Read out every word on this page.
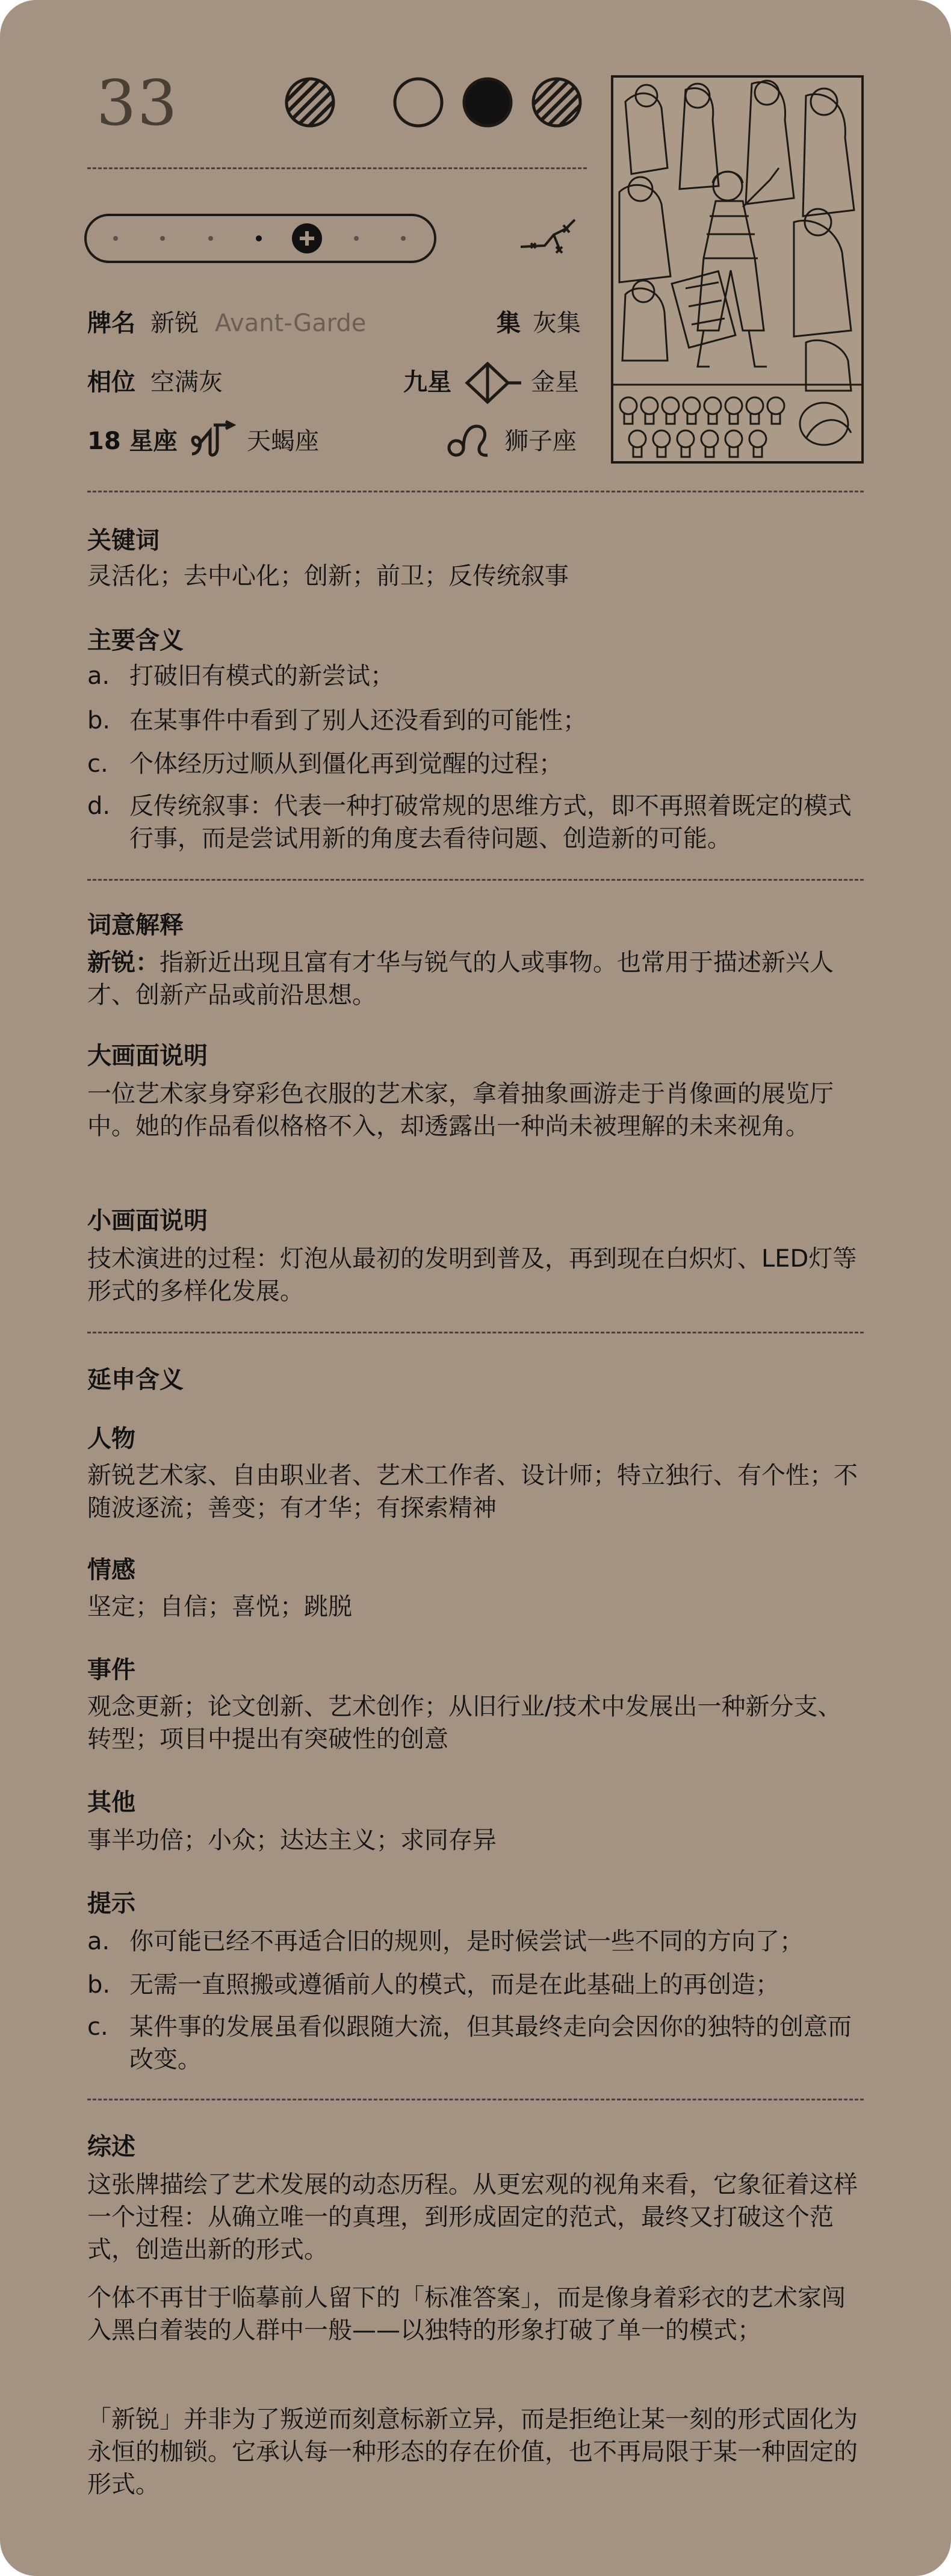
33
牌名 新锐 Avant-Garde	集 灰集
相位 空满灰	九星	金星
18 星座	天蝎座	狮子座
关键词

灵活化；去中心化；创新；前卫；反传统叙事

主要含义
a. 打破旧有模式的新尝试；

b. 在某事件中看到了别人还没看到的可能性；

c. 个体经历过顺从到僵化再到觉醒的过程；

d. 反传统叙事：代表一种打破常规的思维方式，即不再照着既定的模式行事，而是尝试用新的角度去看待问题、创造新的可能。

词意解释

新锐：指新近出现且富有才华与锐气的人或事物。也常用于描述新兴人才、创新产品或前沿思想。

大画面说明

一位艺术家身穿彩色衣服的艺术家，拿着抽象画游走于肖像画的展览厅中。她的作品看似格格不入，却透露出一种尚未被理解的未来视角。

小画面说明

技术演进的过程：灯泡从最初的发明到普及，再到现在白炽灯、LED灯等形式的多样化发展。

延申含义
人物

新锐艺术家、自由职业者、艺术工作者、设计师；特立独行、有个性；不随波逐流；善变；有才华；有探索精神

情感

坚定；自信；喜悦；跳脱

事件

观念更新；论文创新、艺术创作；从旧行业/技术中发展出一种新分支、转型；项目中提出有突破性的创意

其他

事半功倍；小众；达达主义；求同存异

提示
a. 你可能已经不再适合旧的规则，是时候尝试一些不同的方向了；

b. 无需一直照搬或遵循前人的模式，而是在此基础上的再创造；

c. 某件事的发展虽看似跟随大流，但其最终走向会因你的独特的创意而改变。

综述

这张牌描绘了艺术发展的动态历程。从更宏观的视角来看，它象征着这样一个过程：从确立唯一的真理，到形成固定的范式，最终又打破这个范式，创造出新的形式。

个体不再甘于临摹前人留下的「标准答案」，而是像身着彩衣的艺术家闯入黑白着装的人群中一般——以独特的形象打破了单一的模式；

「新锐」并非为了叛逆而刻意标新立异，而是拒绝让某一刻的形式固化为永恒的枷锁。它承认每一种形态的存在价值，也不再局限于某一种固定的形式。
